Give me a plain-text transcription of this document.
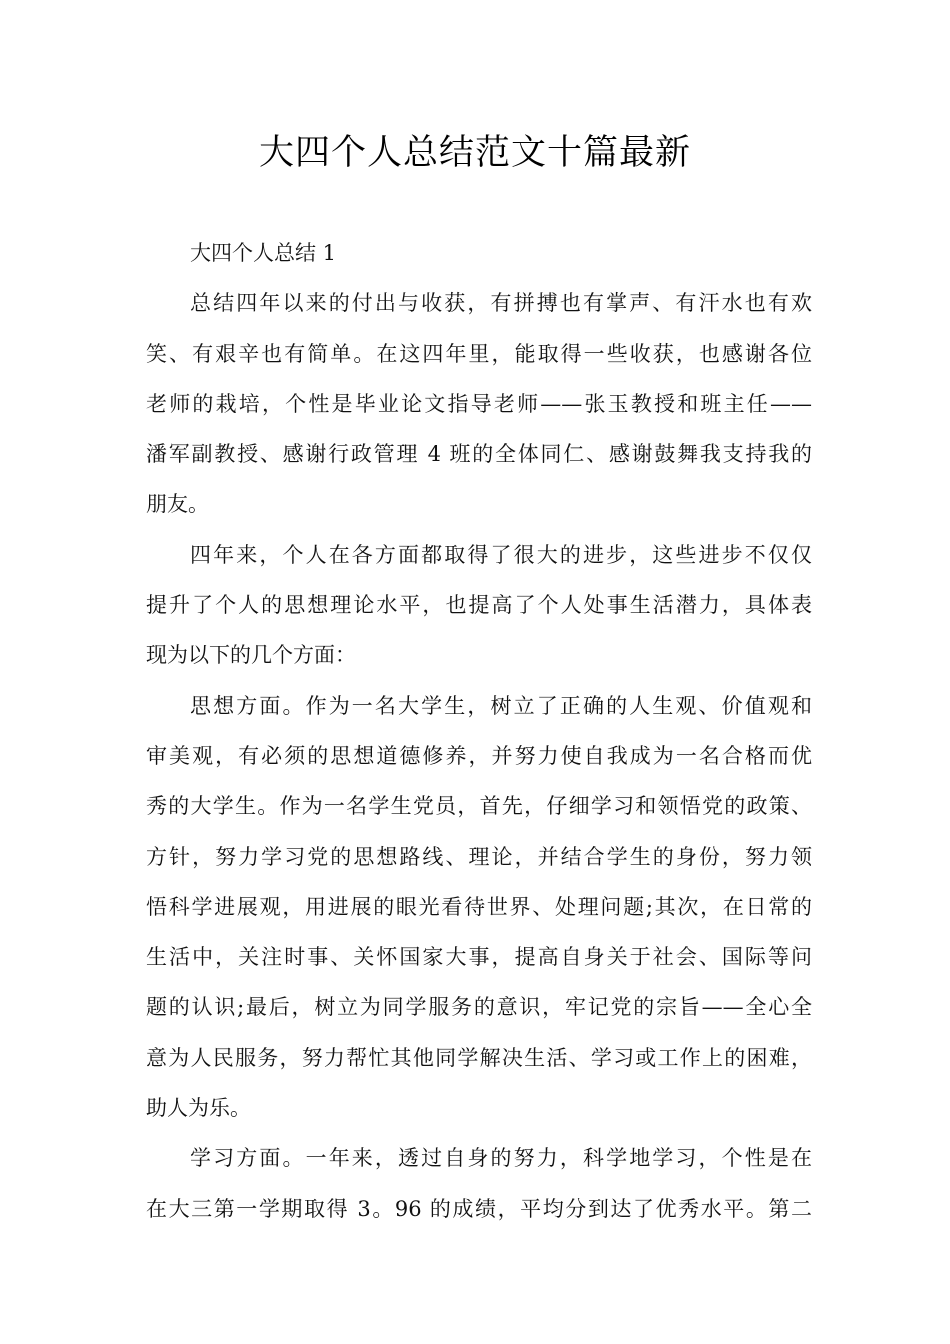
大四个人总结范文十篇最新

大四个人总结 1

总结四年以来的付出与收获，有拼搏也有掌声、有汗水也有欢
笑、有艰辛也有简单。在这四年里，能取得一些收获，也感谢各位
老师的栽培，个性是毕业论文指导老师——张玉教授和班主任——
潘军副教授、感谢行政管理 4 班的全体同仁、感谢鼓舞我支持我的
朋友。

四年来，个人在各方面都取得了很大的进步，这些进步不仅仅
提升了个人的思想理论水平，也提高了个人处事生活潜力，具体表
现为以下的几个方面：

思想方面。作为一名大学生，树立了正确的人生观、价值观和
审美观，有必须的思想道德修养，并努力使自我成为一名合格而优
秀的大学生。作为一名学生党员，首先，仔细学习和领悟党的政策、
方针，努力学习党的思想路线、理论，并结合学生的身份，努力领
悟科学进展观，用进展的眼光看待世界、处理问题;其次，在日常的
生活中，关注时事、关怀国家大事，提高自身关于社会、国际等问
题的认识;最后，树立为同学服务的意识，牢记党的宗旨——全心全
意为人民服务，努力帮忙其他同学解决生活、学习或工作上的困难，
助人为乐。

学习方面。一年来，透过自身的努力，科学地学习，个性是在
在大三第一学期取得 3。96 的成绩，平均分到达了优秀水平。第二
